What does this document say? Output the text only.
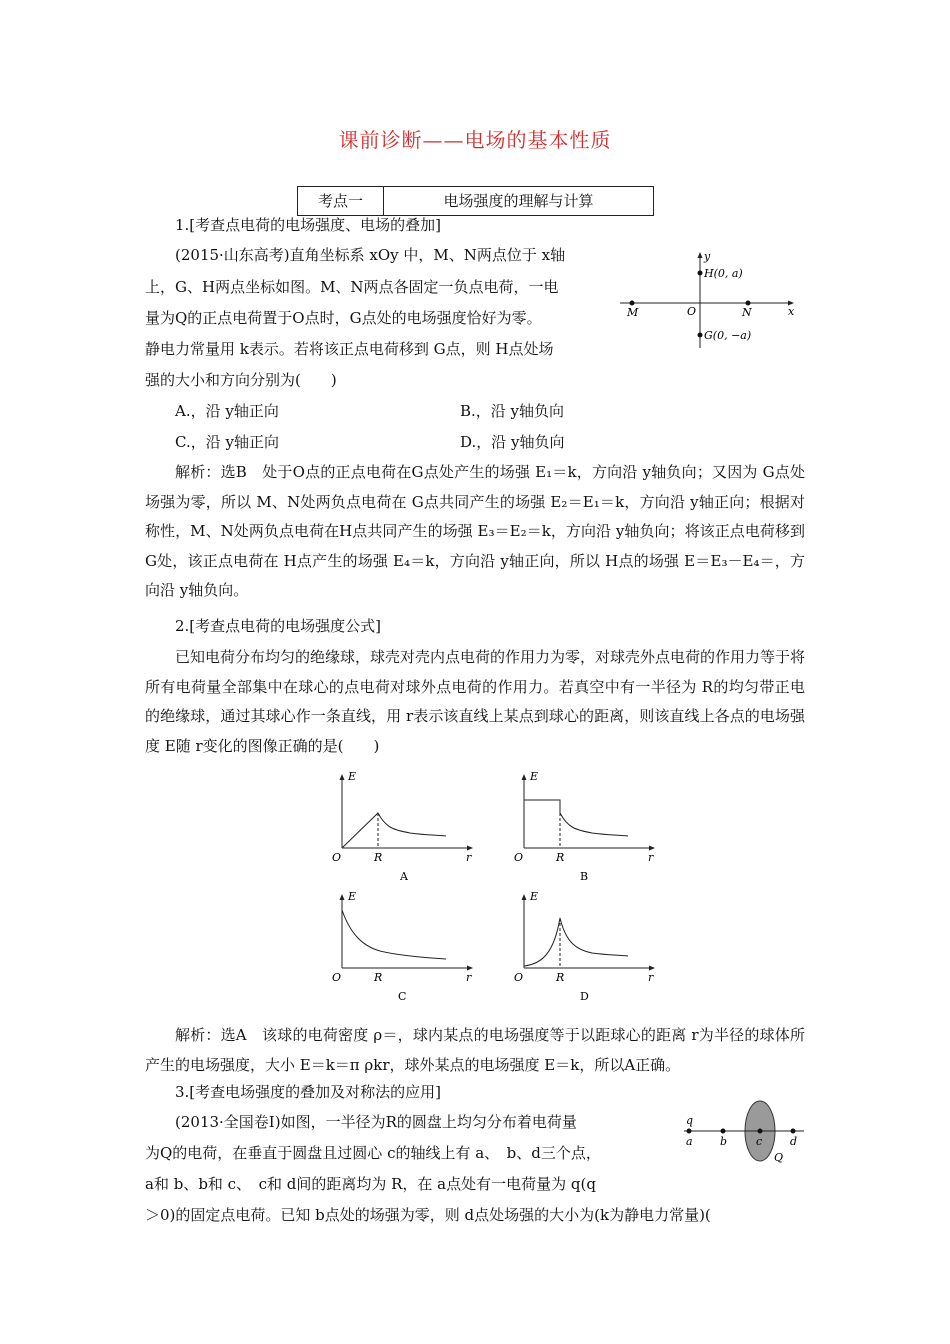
课前诊断——电场的基本性质
考点一	电场强度的理解与计算
1.[考查点电荷的电场强度、电场的叠加]
(2015·山东高考)直角坐标系 xOy 中，M、N两点位于 x轴
上，G、H两点坐标如图。M、N两点各固定一负点电荷，一电
量为Q的正点电荷置于O点时，G点处的电场强度恰好为零。
静电力常量用 k表示。若将该正点电荷移到 G点，则 H点处场
强的大小和方向分别为(　　)
A.，沿 y轴正向	B.，沿 y轴负向
C.，沿 y轴正向	D.，沿 y轴负向
y
x
O
M	N
H(0, a)
G(0, −a)
解析：选B　处于O点的正点电荷在G点处产生的场强 E₁＝k，方向沿 y轴负向；又因为 G点处场强为零，所以 M、N处两负点电荷在 G点共同产生的场强 E₂＝E₁＝k，方向沿 y轴正向；根据对称性，M、N处两负点电荷在H点共同产生的场强 E₃＝E₂＝k，方向沿 y轴负向；将该正点电荷移到 G处，该正点电荷在 H点产生的场强 E₄＝k，方向沿 y轴正向，所以 H点的场强 E＝E₃－E₄＝，方向沿 y轴负向。
2.[考查点电荷的电场强度公式]
已知电荷分布均匀的绝缘球，球壳对壳内点电荷的作用力为零，对球壳外点电荷的作用力等于将所有电荷量全部集中在球心的点电荷对球外点电荷的作用力。若真空中有一半径为 R的均匀带正电的绝缘球，通过其球心作一条直线，用 r表示该直线上某点到球心的距离，则该直线上各点的电场强度 E随 r变化的图像正确的是(　　)
E
O	R	r
A
E
O	R	r
B
E
O	R	r
C
E
O	R	r
D
解析：选A　该球的电荷密度 ρ＝，球内某点的电场强度等于以距球心的距离 r为半径的球体所产生的电场强度，大小 E＝k＝π ρkr，球外某点的电场强度 E＝k，所以A正确。
3.[考查电场强度的叠加及对称法的应用]
(2013·全国卷Ⅰ)如图，一半径为R的圆盘上均匀分布着电荷量
为Q的电荷，在垂直于圆盘且过圆心 c的轴线上有 a、　b、d三个点，
a和 b、b和 c、　c和 d间的距离均为 R，在 a点处有一电荷量为 q(q
＞0)的固定点电荷。已知 b点处的场强为零，则 d点处场强的大小为(k为静电力常量)(
q
a b	c	d
Q
